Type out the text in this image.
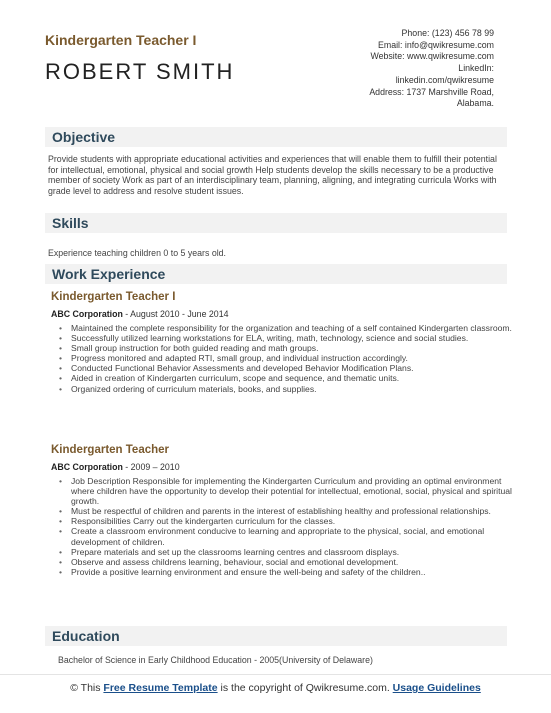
Kindergarten Teacher I
ROBERT SMITH
Phone: (123) 456 78 99
Email: info@qwikresume.com
Website: www.qwikresume.com
LinkedIn:
linkedin.com/qwikresume
Address: 1737 Marshville Road,
Alabama.
Objective
Provide students with appropriate educational activities and experiences that will enable them to fulfill their potential for intellectual, emotional, physical and social growth Help students develop the skills necessary to be a productive member of society Work as part of an interdisciplinary team, planning, aligning, and integrating curricula Works with grade level to address and resolve student issues.
Skills
Experience teaching children 0 to 5 years old.
Work Experience
Kindergarten Teacher I
ABC Corporation - August 2010 - June 2014
• Maintained the complete responsibility for the organization and teaching of a self contained Kindergarten classroom.
• Successfully utilized learning workstations for ELA, writing, math, technology, science and social studies.
• Small group instruction for both guided reading and math groups.
• Progress monitored and adapted RTI, small group, and individual instruction accordingly.
• Conducted Functional Behavior Assessments and developed Behavior Modification Plans.
• Aided in creation of Kindergarten curriculum, scope and sequence, and thematic units.
• Organized ordering of curriculum materials, books, and supplies.
Kindergarten Teacher
ABC Corporation - 2009 – 2010
• Job Description Responsible for implementing the Kindergarten Curriculum and providing an optimal environment where children have the opportunity to develop their potential for intellectual, emotional, social, physical and spiritual growth.
• Must be respectful of children and parents in the interest of establishing healthy and professional relationships.
• Responsibilities Carry out the kindergarten curriculum for the classes.
• Create a classroom environment conducive to learning and appropriate to the physical, social, and emotional development of children.
• Prepare materials and set up the classrooms learning centres and classroom displays.
• Observe and assess childrens learning, behaviour, social and emotional development.
• Provide a positive learning environment and ensure the well-being and safety of the children..
Education
Bachelor of Science in Early Childhood Education - 2005(University of Delaware)
© This Free Resume Template is the copyright of Qwikresume.com. Usage Guidelines
